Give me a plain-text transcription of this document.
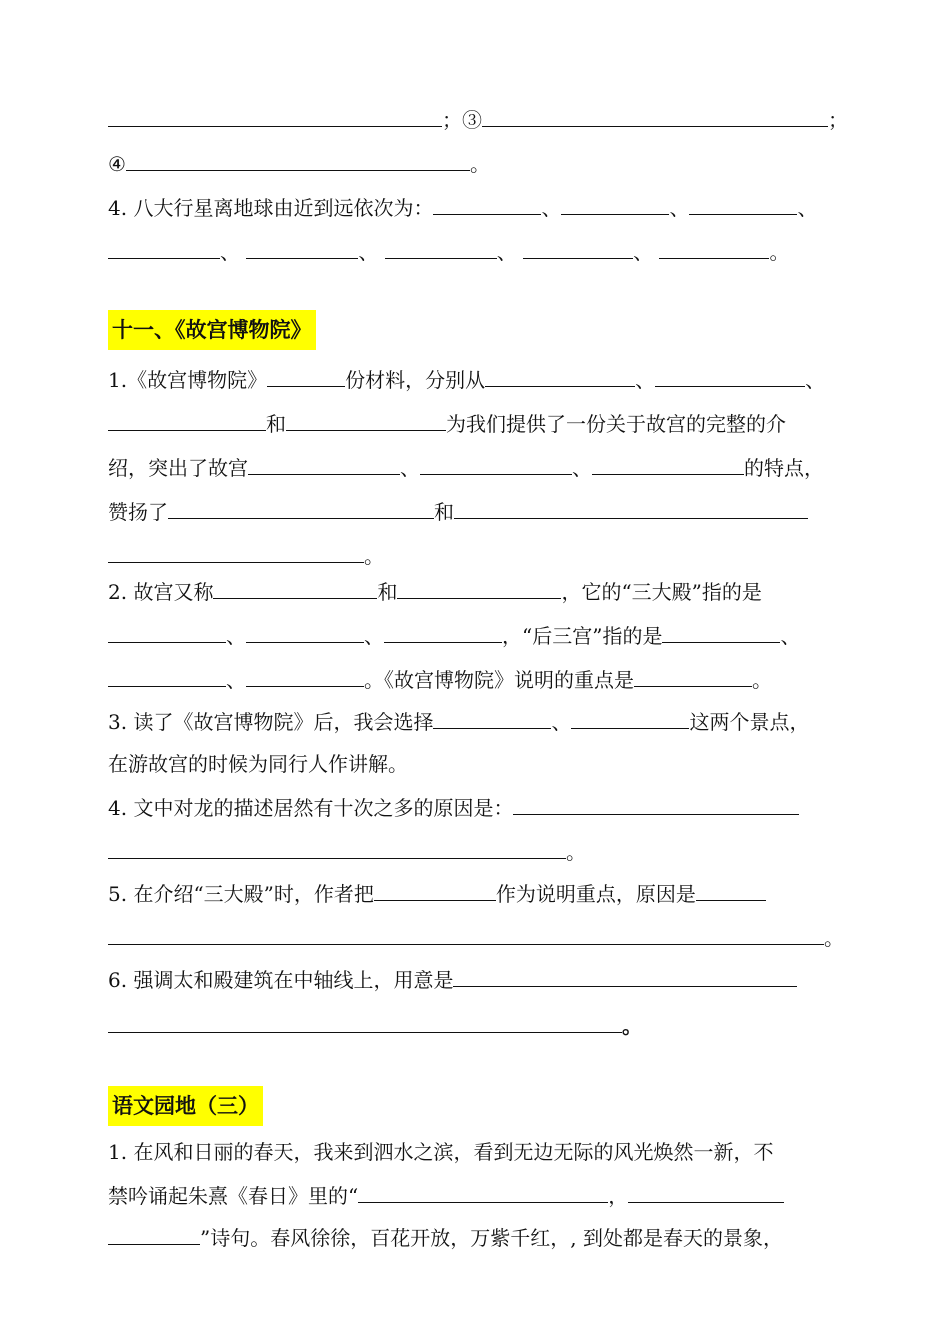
；③	；
④	。
4. 八大行星离地球由近到远依次为：	、	、	、
、	、	、	、	。
十一、《故宫博物院》
1.《故宫博物院》	份材料，分别从	、	、
和	为我们提供了一份关于故宫的完整的介
绍，突出了故宫	、	、	的特点，
赞扬了	和
。
2. 故宫又称	和	，它的“三大殿”指的是
、	、	，“后三宫”指的是	、
、	。《故宫博物院》说明的重点是	。
3. 读了《故宫博物院》后，我会选择	、	这两个景点，
在游故宫的时候为同行人作讲解。
4. 文中对龙的描述居然有十次之多的原因是：
。
5. 在介绍“三大殿”时，作者把	作为说明重点，原因是
。
6. 强调太和殿建筑在中轴线上，用意是
。
语文园地（三）
1. 在风和日丽的春天，我来到泗水之滨，看到无边无际的风光焕然一新，不
禁吟诵起朱熹《春日》里的“	，
”诗句。春风徐徐，百花开放，万紫千红，, 到处都是春天的景象，
